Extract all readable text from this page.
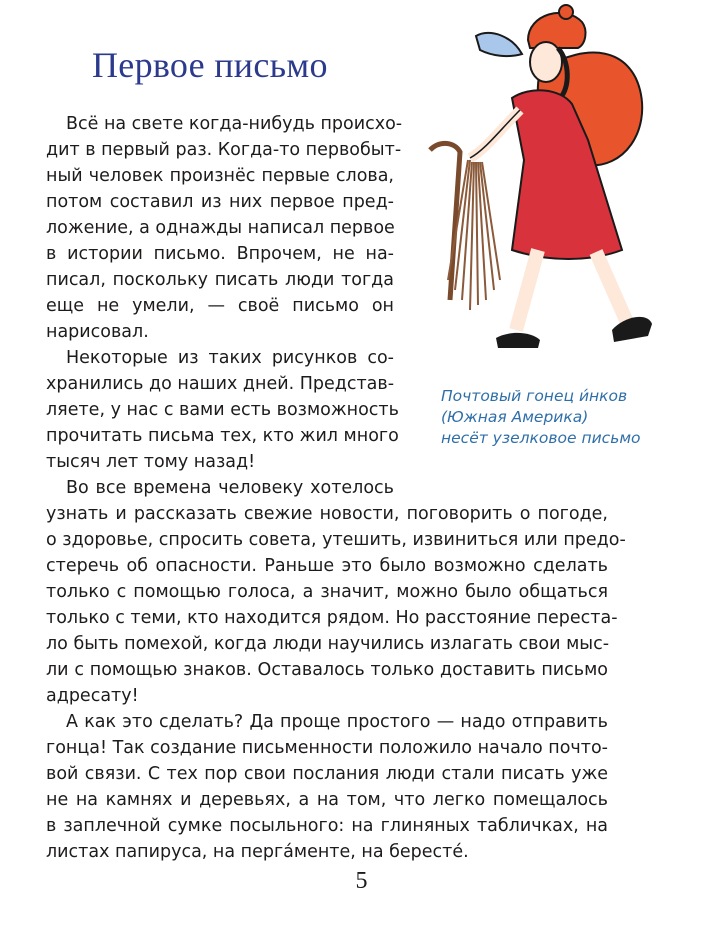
Первое письмо

Всё на свете когда-нибудь происхо-

дит в первый раз. Когда-то первобыт-

ный человек произнёс первые слова,

потом составил из них первое пред-

ложение, а однажды написал первое

в истории письмо. Впрочем, не на-

писал, поскольку писать люди тогда

еще не умели, — своё письмо он

нарисовал.

Некоторые из таких рисунков со-

хранились до наших дней. Представ-

ляете, у нас с вами есть возможность

прочитать письма тех, кто жил много

тысяч лет тому назад!

Во все времена человеку хотелось

узнать и рассказать свежие новости, поговорить о погоде,

о здоровье, спросить совета, утешить, извиниться или предо-

стеречь об опасности. Раньше это было возможно сделать

только с помощью голоса, а значит, можно было общаться

только с теми, кто находится рядом. Но расстояние переста-

ло быть помехой, когда люди научились излагать свои мыс-

ли с помощью знаков. Оставалось только доставить письмо

адресату!

А как это сделать? Да проще простого — надо отправить

гонца! Так создание письменности положило начало почто-

вой связи. С тех пор свои послания люди стали писать уже

не на камнях и деревьях, а на том, что легко помещалось

в заплечной сумке посыльного: на глиняных табличках, на

листах папируса, на пергáменте, на бересте́.

Почтовый гонец и́нков
(Южная Америка)
несёт узелковое письмо
5
